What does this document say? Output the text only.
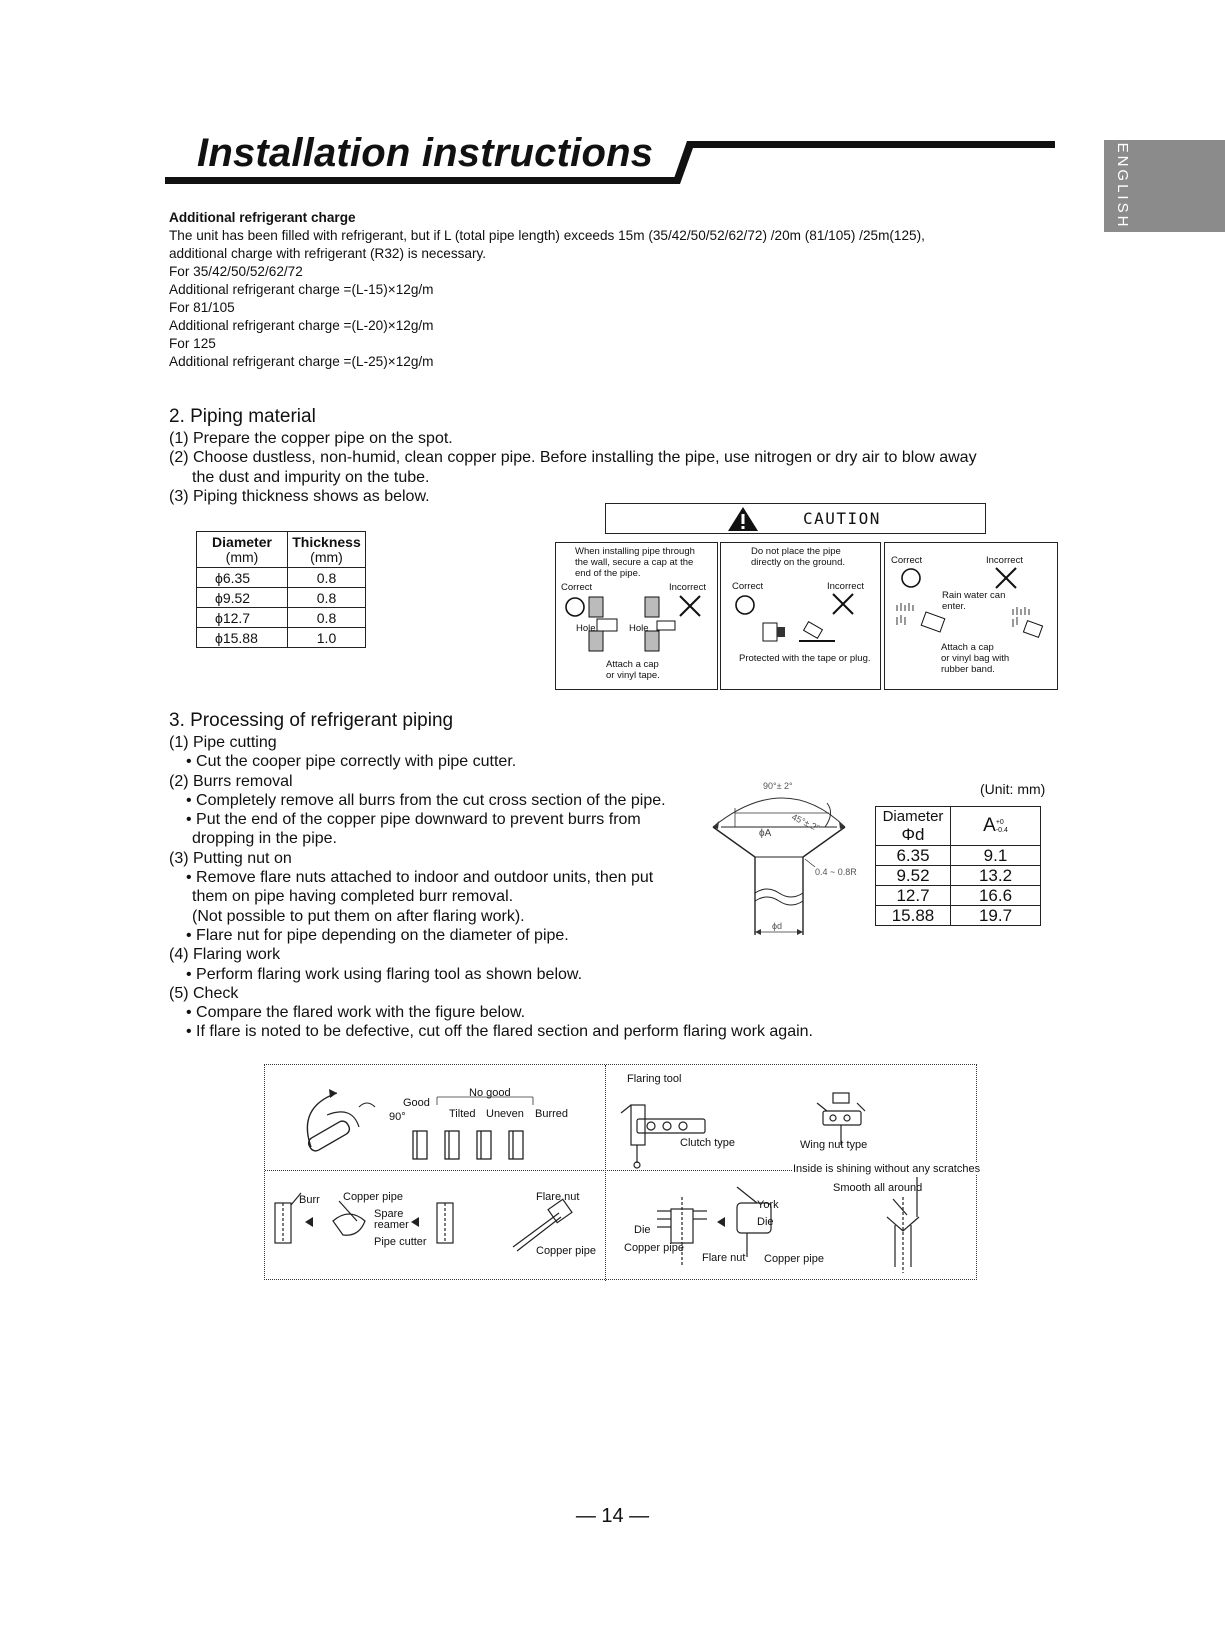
Installation instructions	ENGLISH

Additional refrigerant charge

The unit has been filled with refrigerant, but if L (total pipe length) exceeds 15m (35/42/50/52/62/72) /20m (81/105) /25m(125),

additional charge with refrigerant (R32) is necessary.

For 35/42/50/52/62/72

Additional refrigerant charge =(L-15)×12g/m

For 81/105

Additional refrigerant charge =(L-20)×12g/m

For 125

Additional refrigerant charge =(L-25)×12g/m

2. Piping material

(1) Prepare the copper pipe on the spot.

(2) Choose dustless, non-humid, clean copper pipe. Before installing the pipe, use nitrogen or dry air to blow away

the dust and impurity on the tube.

(3) Piping thickness shows as below.

Diameter
(mm)	Thickness
(mm)
ϕ6.35	0.8
ϕ9.52	0.8
ϕ12.7	0.8
ϕ15.88	1.0
CAUTION
When installing pipe through
the wall, secure a cap at the
end of the pipe.
Correct	Incorrect
Hole	Hole
Attach a cap
or vinyl tape.
Do not place the pipe
directly on the ground.
Correct	Incorrect
Protected with the tape or plug.
Correct	Incorrect
Rain water can
enter.
Attach a cap
or vinyl bag with
rubber band.
3. Processing of refrigerant piping

(1) Pipe cutting

• Cut the cooper pipe correctly with pipe cutter.

(2) Burrs removal

• Completely remove all burrs from the cut cross section of the pipe.

• Put the end of the copper pipe downward to prevent burrs from

dropping in the pipe.

(3) Putting nut on

• Remove flare nuts attached to indoor and outdoor units, then put

them on pipe having completed burr removal.

(Not possible to put them on after flaring work).

• Flare nut for pipe depending on the diameter of pipe.

(4) Flaring work

• Perform flaring work using flaring tool as shown below.

(5) Check

• Compare the flared work with the figure below.

• If flare is noted to be defective, cut off the flared section and perform flaring work again.

90°± 2°
45°± 2°
ϕA
0.4 ~ 0.8R
ϕd
(Unit: mm)
Diameter
Φd	A+0
-0.4
6.35	9.1
9.52	13.2
12.7	16.6
15.88	19.7
Good
No good
90°	Tilted Uneven Burred
Flaring tool
Clutch type	Wing nut type
Burr Copper pipe
Spare
reamer
Pipe cutter
Flare nut
Copper pipe
Inside is shining without any scratches
Smooth all around
York
Die
Die
Copper pipe
Flare nut Copper pipe
— 14 —
